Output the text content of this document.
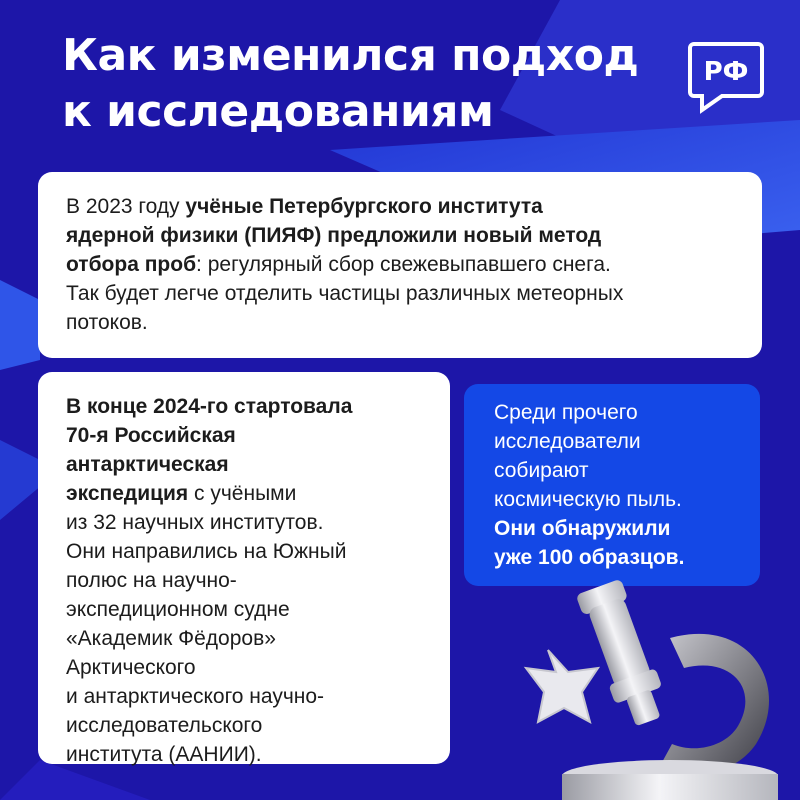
Как изменился подход
к исследованиям
РФ
В 2023 году учёные Петербургского института
ядерной физики (ПИЯФ) предложили новый метод
отбора проб: регулярный сбор свежевыпавшего снега.
Так будет легче отделить частицы различных метеорных
потоков.
В конце 2024-го стартовала
70-я Российская
антарктическая
экспедиция с учёными
из 32 научных институтов.
Они направились на Южный
полюс на научно-
экспедиционном судне
«Академик Фёдоров»
Арктического
и антарктического научно-
исследовательского
института (ААНИИ).
Среди прочего
исследователи
собирают
космическую пыль.
Они обнаружили
уже 100 образцов.
